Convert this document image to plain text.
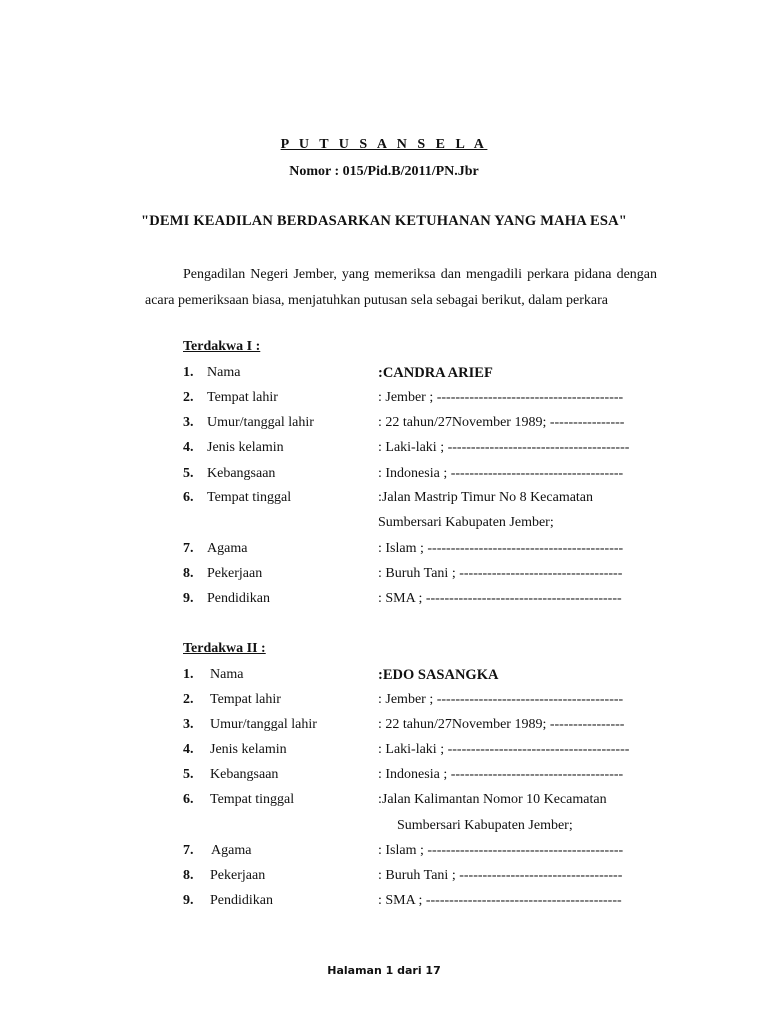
P U T U S A N S E L A
Nomor : 015/Pid.B/2011/PN.Jbr
"DEMI KEADILAN BERDASARKAN KETUHANAN YANG MAHA ESA"
Pengadilan Negeri Jember, yang memeriksa dan mengadili perkara pidana dengan acara pemeriksaan biasa, menjatuhkan putusan sela sebagai berikut, dalam perkara
Terdakwa I :
1. Nama	:CANDRA ARIEF
2. Tempat lahir	: Jember ; ----------------------------------------
3. Umur/tanggal lahir	: 22 tahun/27November 1989; ----------------
4. Jenis kelamin	: Laki-laki ; ---------------------------------------
5. Kebangsaan	: Indonesia ; -------------------------------------
6. Tempat tinggal	:Jalan Mastrip Timur No 8 Kecamatan
Sumbersari Kabupaten Jember;
7. Agama	: Islam ; ------------------------------------------
8. Pekerjaan	: Buruh Tani ; -----------------------------------
9. Pendidikan	: SMA ; ------------------------------------------
Terdakwa II :
1. Nama	:EDO SASANGKA
2. Tempat lahir	: Jember ; ----------------------------------------
3. Umur/tanggal lahir	: 22 tahun/27November 1989; ----------------
4. Jenis kelamin	: Laki-laki ; ---------------------------------------
5. Kebangsaan	: Indonesia ; -------------------------------------
6. Tempat tinggal	:Jalan Kalimantan Nomor 10 Kecamatan
Sumbersari Kabupaten Jember;
7. Agama	: Islam ; ------------------------------------------
8. Pekerjaan	: Buruh Tani ; -----------------------------------
9. Pendidikan	: SMA ; ------------------------------------------
Halaman 1 dari 17
